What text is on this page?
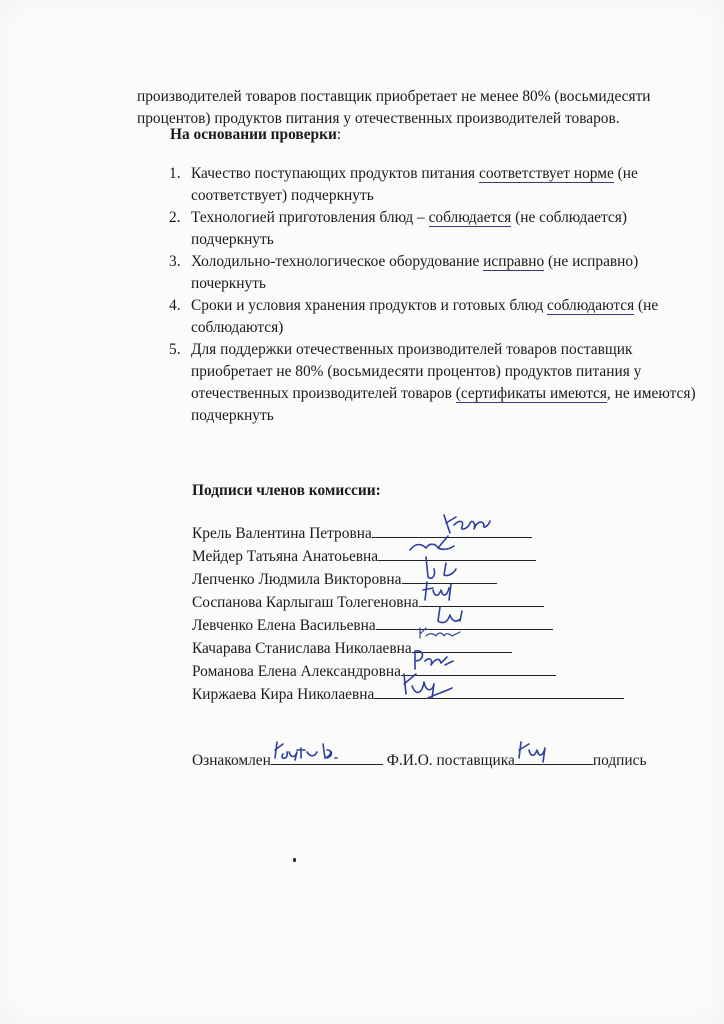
производителей товаров поставщик приобретает не менее 80% (восьмидесяти процентов) продуктов питания у отечественных производителей товаров.

На основании проверки:
1. Качество поступающих продуктов питания соответствует норме (не соответствует) подчеркнуть
2. Технологией приготовления блюд – соблюдается (не соблюдается) подчеркнуть
3. Холодильно-технологическое оборудование исправно (не исправно) почеркнуть
4. Сроки и условия хранения продуктов и готовых блюд соблюдаются (не соблюдаются)
5. Для поддержки отечественных производителей товаров поставщик приобретает не 80% (восьмидесяти процентов) продуктов питания у отечественных производителей товаров (сертификаты имеются, не имеются) подчеркнуть
Подписи членов комиссии:
Крель Валентина Петровна
Мейдер Татьяна Анатоьевна
Лепченко Людмила Викторовна
Соспанова Карлыгаш Толегеновна
Левченко Елена Васильевна
Качарава Станислава Николаевна
Романова Елена Александровна
Киржаева Кира Николаевна
Ознакомлен	Ф.И.О. поставщика	подпись
